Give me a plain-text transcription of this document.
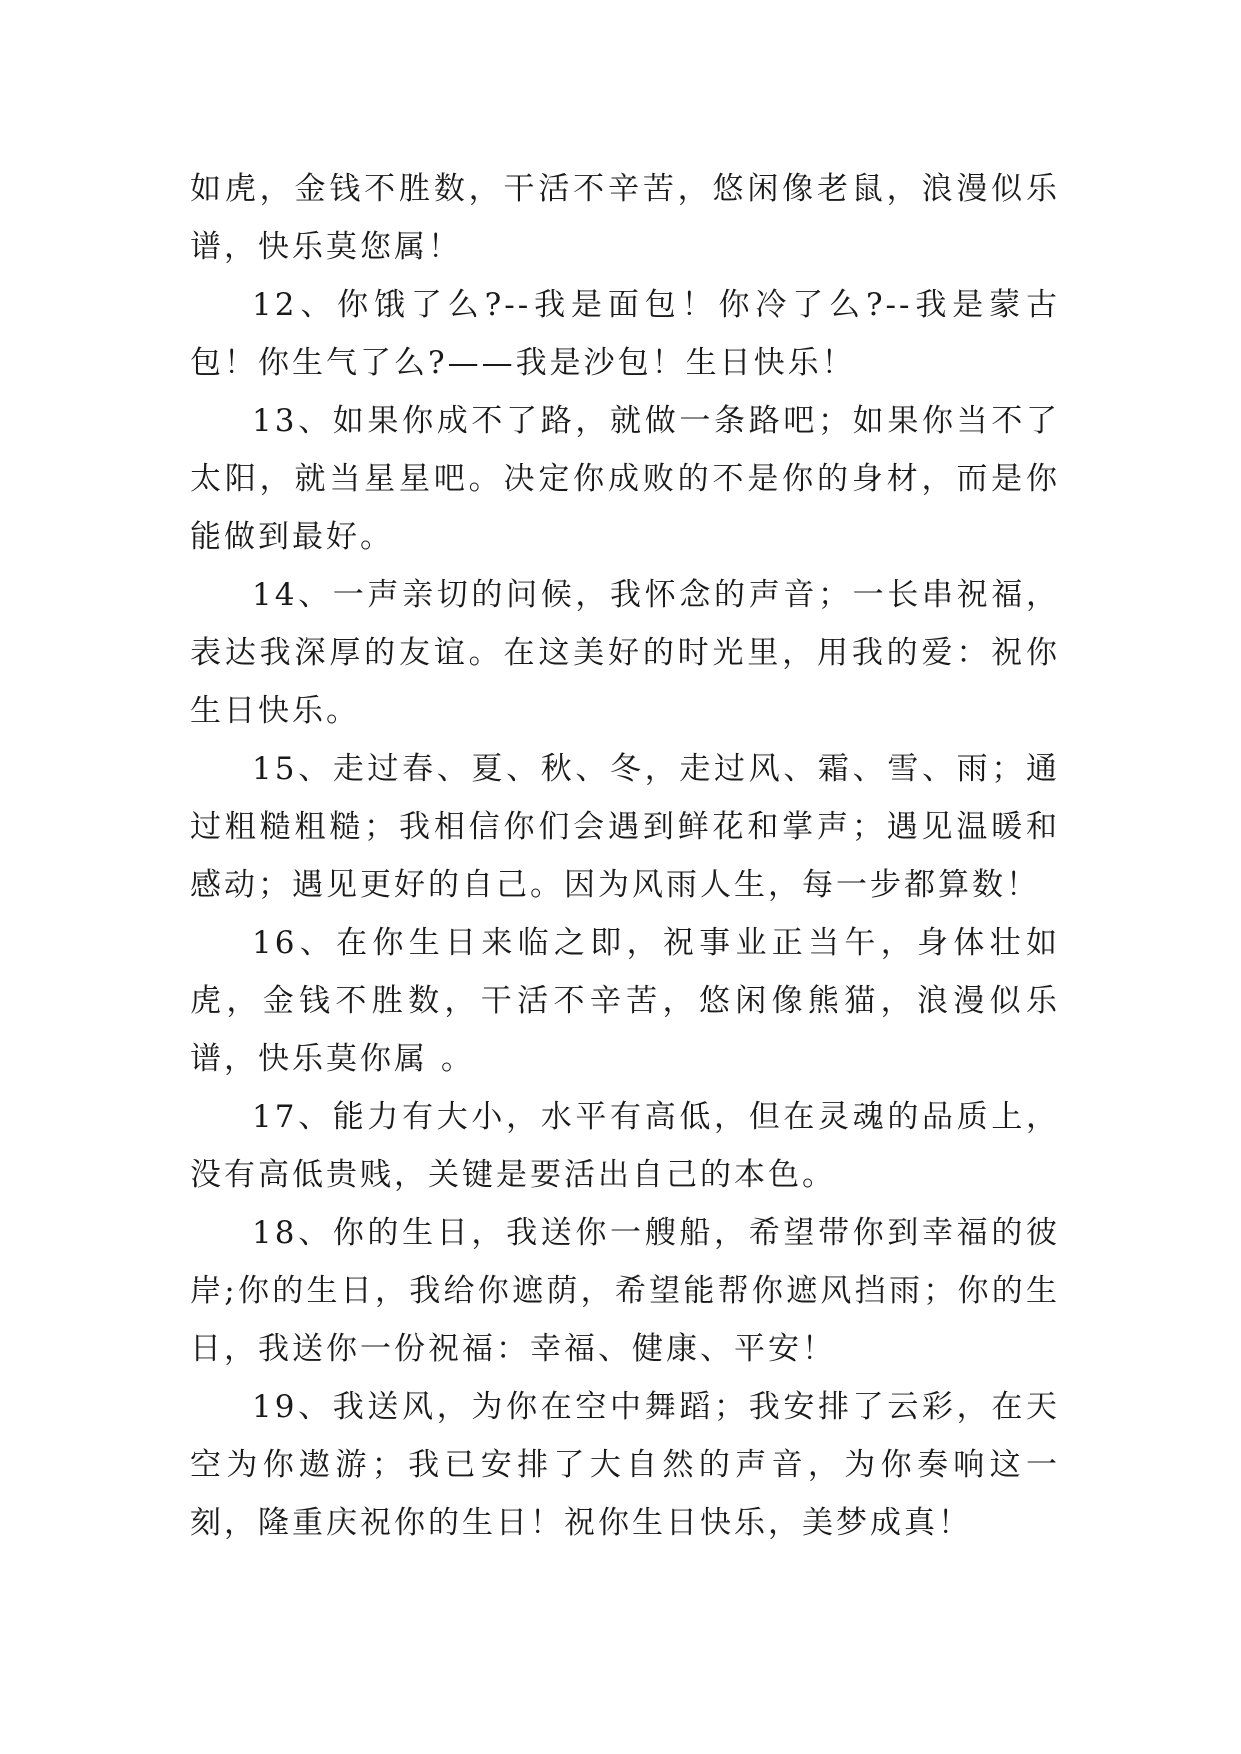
如虎，金钱不胜数，干活不辛苦，悠闲像老鼠，浪漫似乐谱，快乐莫您属！

12、你饿了么?--我是面包！你冷了么?--我是蒙古包！你生气了么?——我是沙包！生日快乐！

13、如果你成不了路，就做一条路吧；如果你当不了太阳，就当星星吧。决定你成败的不是你的身材，而是你能做到最好。

14、一声亲切的问候，我怀念的声音；一长串祝福，表达我深厚的友谊。在这美好的时光里，用我的爱：祝你生日快乐。

15、走过春、夏、秋、冬，走过风、霜、雪、雨；通过粗糙粗糙；我相信你们会遇到鲜花和掌声；遇见温暖和感动；遇见更好的自己。因为风雨人生，每一步都算数！

16、在你生日来临之即，祝事业正当午，身体壮如虎，金钱不胜数，干活不辛苦，悠闲像熊猫，浪漫似乐谱，快乐莫你属 。

17、能力有大小，水平有高低，但在灵魂的品质上，没有高低贵贱，关键是要活出自己的本色。

18、你的生日，我送你一艘船，希望带你到幸福的彼岸;你的生日，我给你遮荫，希望能帮你遮风挡雨；你的生日，我送你一份祝福：幸福、健康、平安！

19、我送风，为你在空中舞蹈；我安排了云彩，在天空为你遨游；我已安排了大自然的声音，为你奏响这一刻，隆重庆祝你的生日！祝你生日快乐，美梦成真！
